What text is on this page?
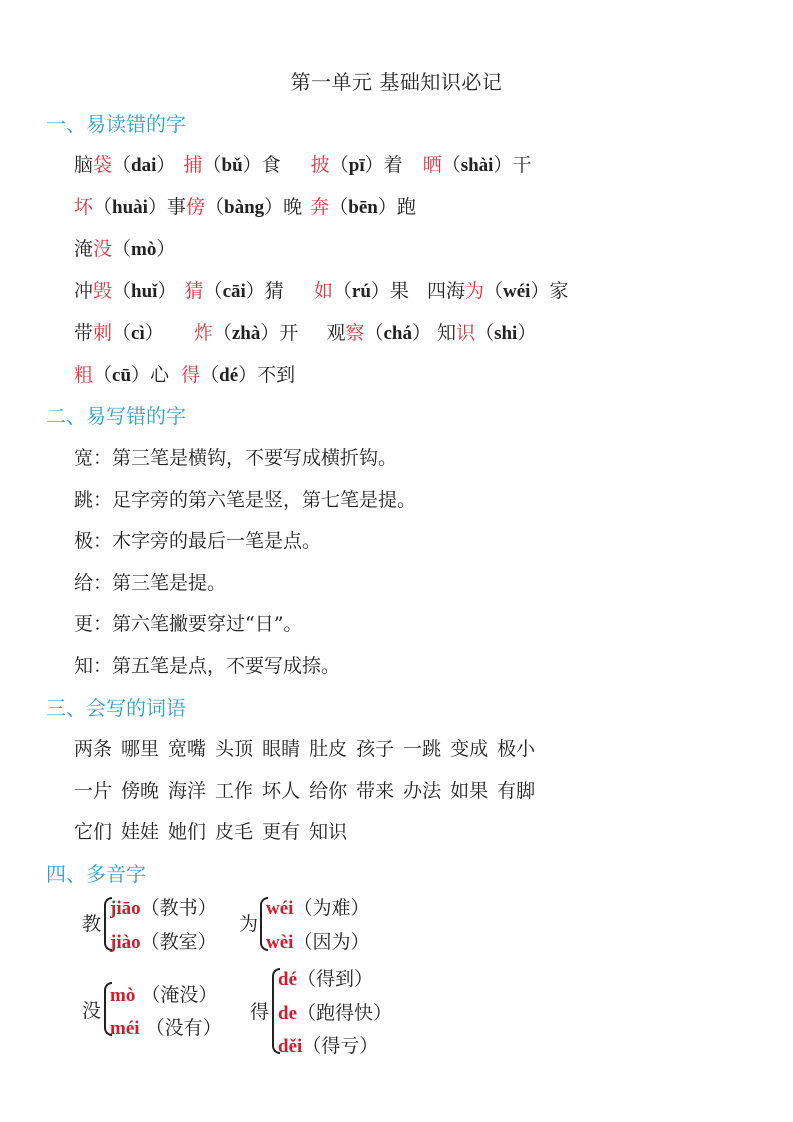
第一单元 基础知识必记
一、易读错的字
脑袋（dai） 捕（bǔ）食 披（pī）着 晒（shài）干
坏（huài）事傍（bàng）晚 奔（bēn）跑
淹没（mò）
冲毁（huǐ） 猜（cāi）猜 如（rú）果 四海为（wéi）家
带刺（cì） 炸（zhà）开 观察（chá） 知识（shi）
粗（cū）心 得（dé）不到
二、易写错的字
宽：第三笔是横钩，不要写成横折钩。
跳：足字旁的第六笔是竖，第七笔是提。
极：木字旁的最后一笔是点。
给：第三笔是提。
更：第六笔撇要穿过“日”。
知：第五笔是点，不要写成捺。
三、会写的词语
两条 哪里 宽嘴 头顶 眼睛 肚皮 孩子 一跳 变成 极小
一片 傍晚 海洋 工作 坏人 给你 带来 办法 如果 有脚
它们 娃娃 她们 皮毛 更有 知识
四、多音字
教
jiāo（教书）
jiào（教室）
为
wéi（为难）
wèi（因为）
没
mò （淹没）
méi （没有）
得
dé（得到）
de（跑得快）
děi（得亏）
